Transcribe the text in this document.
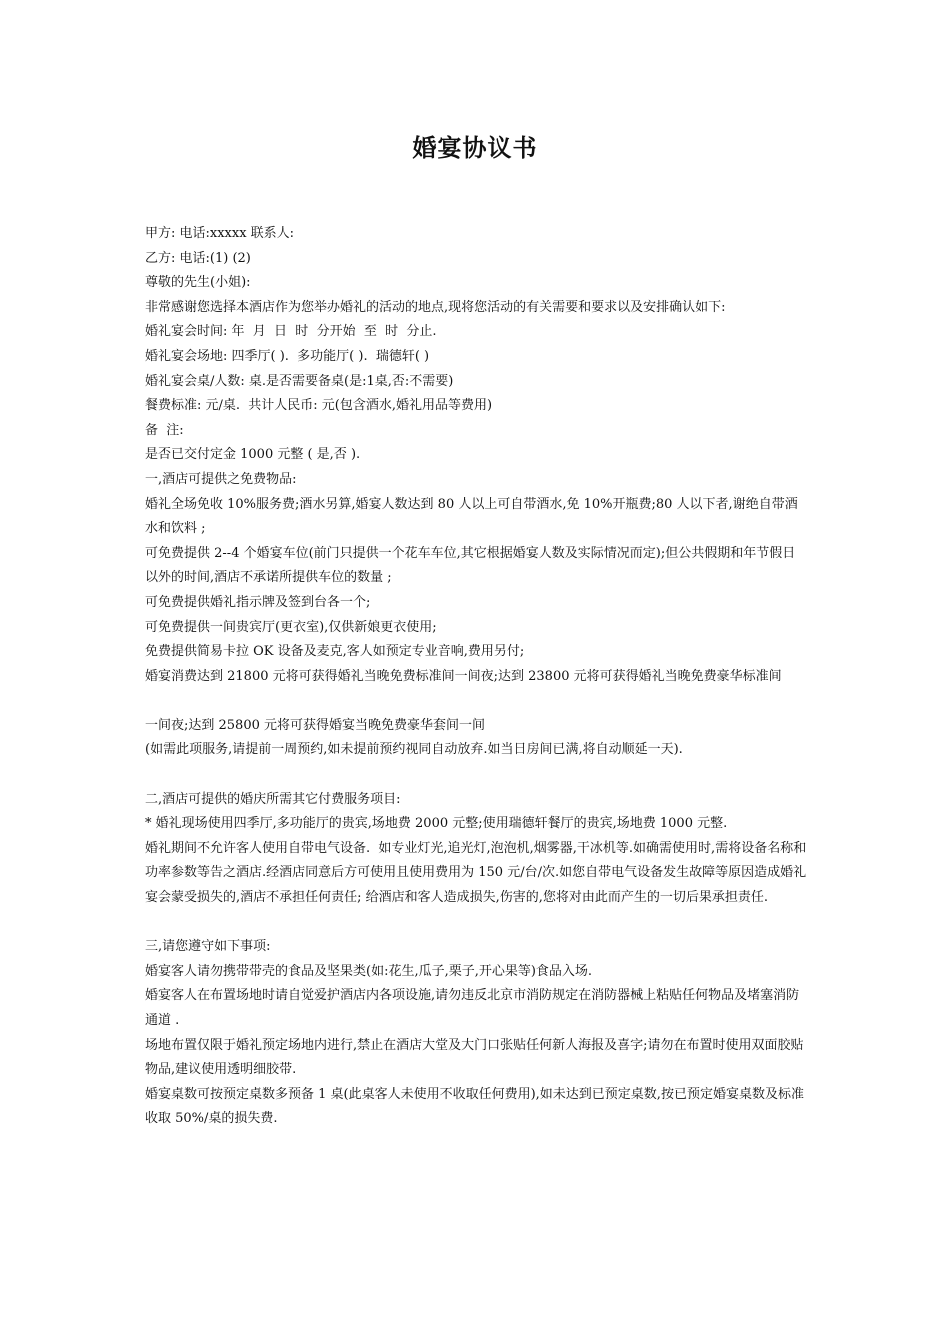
婚宴协议书
甲方: 电话:xxxxx 联系人:
乙方: 电话:(1) (2)
尊敬的先生(小姐):
非常感谢您选择本酒店作为您举办婚礼的活动的地点,现将您活动的有关需要和要求以及安排确认如下:
婚礼宴会时间: 年  月  日  时  分开始  至  时  分止.
婚礼宴会场地: 四季厅( ).  多功能厅( ).  瑞德轩( )
婚礼宴会桌/人数: 桌.是否需要备桌(是:1桌,否:不需要)
餐费标准: 元/桌.  共计人民币: 元(包含酒水,婚礼用品等费用)
备  注:
是否已交付定金 1000 元整 ( 是,否 ).
一,酒店可提供之免费物品:
婚礼全场免收 10%服务费;酒水另算,婚宴人数达到 80 人以上可自带酒水,免 10%开瓶费;80 人以下者,谢绝自带酒水和饮料 ;
可免费提供 2--4 个婚宴车位(前门只提供一个花车车位,其它根据婚宴人数及实际情况而定);但公共假期和年节假日以外的时间,酒店不承诺所提供车位的数量 ;
可免费提供婚礼指示牌及签到台各一个;
可免费提供一间贵宾厅(更衣室),仅供新娘更衣使用;
免费提供简易卡拉 OK 设备及麦克,客人如预定专业音响,费用另付;
婚宴消费达到 21800 元将可获得婚礼当晚免费标准间一间夜;达到 23800 元将可获得婚礼当晚免费豪华标准间
一间夜;达到 25800 元将可获得婚宴当晚免费豪华套间一间
(如需此项服务,请提前一周预约,如未提前预约视同自动放弃.如当日房间已满,将自动顺延一天).
二,酒店可提供的婚庆所需其它付费服务项目:
* 婚礼现场使用四季厅,多功能厅的贵宾,场地费 2000 元整;使用瑞德轩餐厅的贵宾,场地费 1000 元整.
婚礼期间不允许客人使用自带电气设备.  如专业灯光,追光灯,泡泡机,烟雾器,干冰机等.如确需使用时,需将设备名称和功率参数等告之酒店.经酒店同意后方可使用且使用费用为 150 元/台/次.如您自带电气设备发生故障等原因造成婚礼宴会蒙受损失的,酒店不承担任何责任; 给酒店和客人造成损失,伤害的,您将对由此而产生的一切后果承担责任.
三,请您遵守如下事项:
婚宴客人请勿携带带壳的食品及坚果类(如:花生,瓜子,栗子,开心果等)食品入场.
婚宴客人在布置场地时请自觉爱护酒店内各项设施,请勿违反北京市消防规定在消防器械上粘贴任何物品及堵塞消防通道 .
场地布置仅限于婚礼预定场地内进行,禁止在酒店大堂及大门口张贴任何新人海报及喜字;请勿在布置时使用双面胶贴物品,建议使用透明细胶带.
婚宴桌数可按预定桌数多预备 1 桌(此桌客人未使用不收取任何费用),如未达到已预定桌数,按已预定婚宴桌数及标准收取 50%/桌的损失费.
